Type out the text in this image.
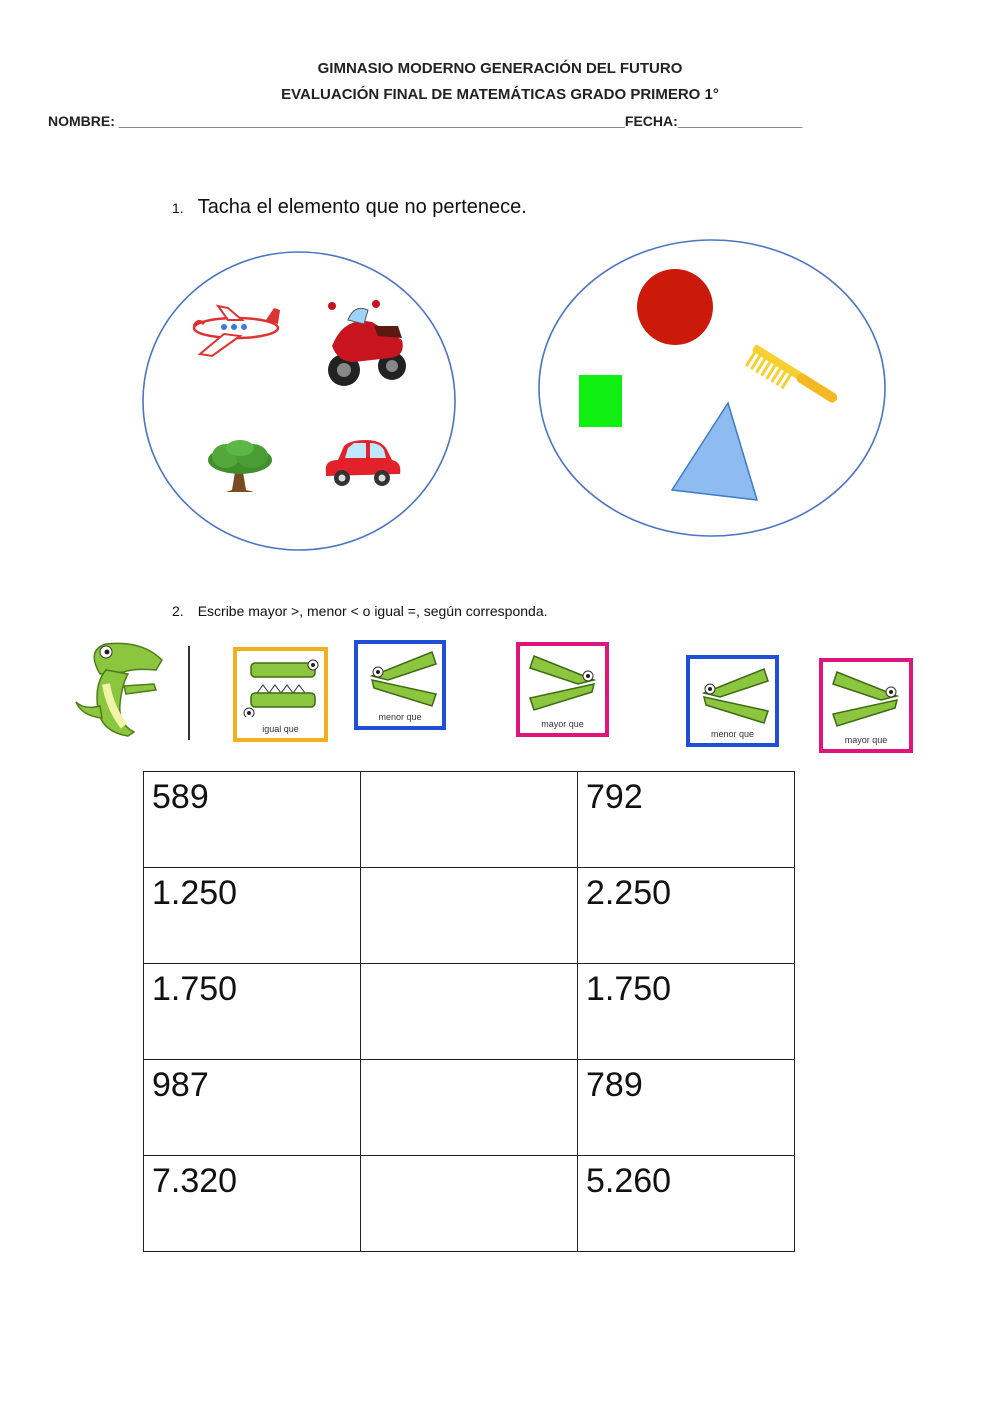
GIMNASIO MODERNO GENERACIÓN DEL FUTURO
EVALUACIÓN FINAL DE MATEMÁTICAS GRADO PRIMERO 1°
NOMBRE: _________________________________________________________________FECHA:________________
1. Tacha el elemento que no pertenece.
2. Escribe mayor >, menor < o igual =, según corresponda.
igual que
menor que
mayor que
menor que
mayor que
589		792
1.250		2.250
1.750		1.750
987		789
7.320		5.260
